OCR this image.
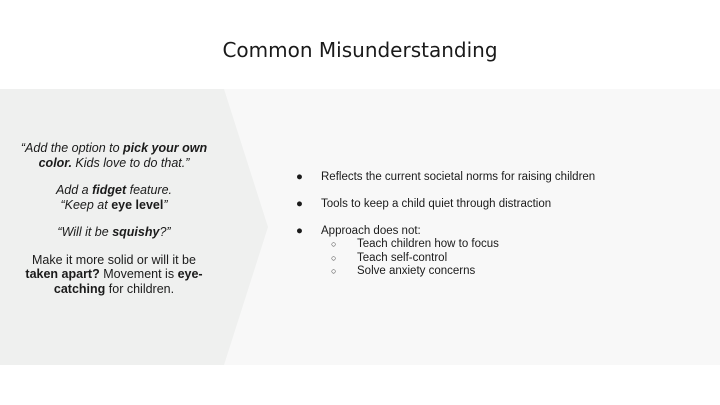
Common Misunderstanding

“Add the option to pick your own color. Kids love to do that.”

Add a fidget feature.
“Keep at eye level”

“Will it be squishy?”

Make it more solid or will it be taken apart? Movement is eye-catching for children.

● Reflects the current societal norms for raising children
● Tools to keep a child quiet through distraction
● Approach does not:
○ Teach children how to focus
○ Teach self-control
○ Solve anxiety concerns
